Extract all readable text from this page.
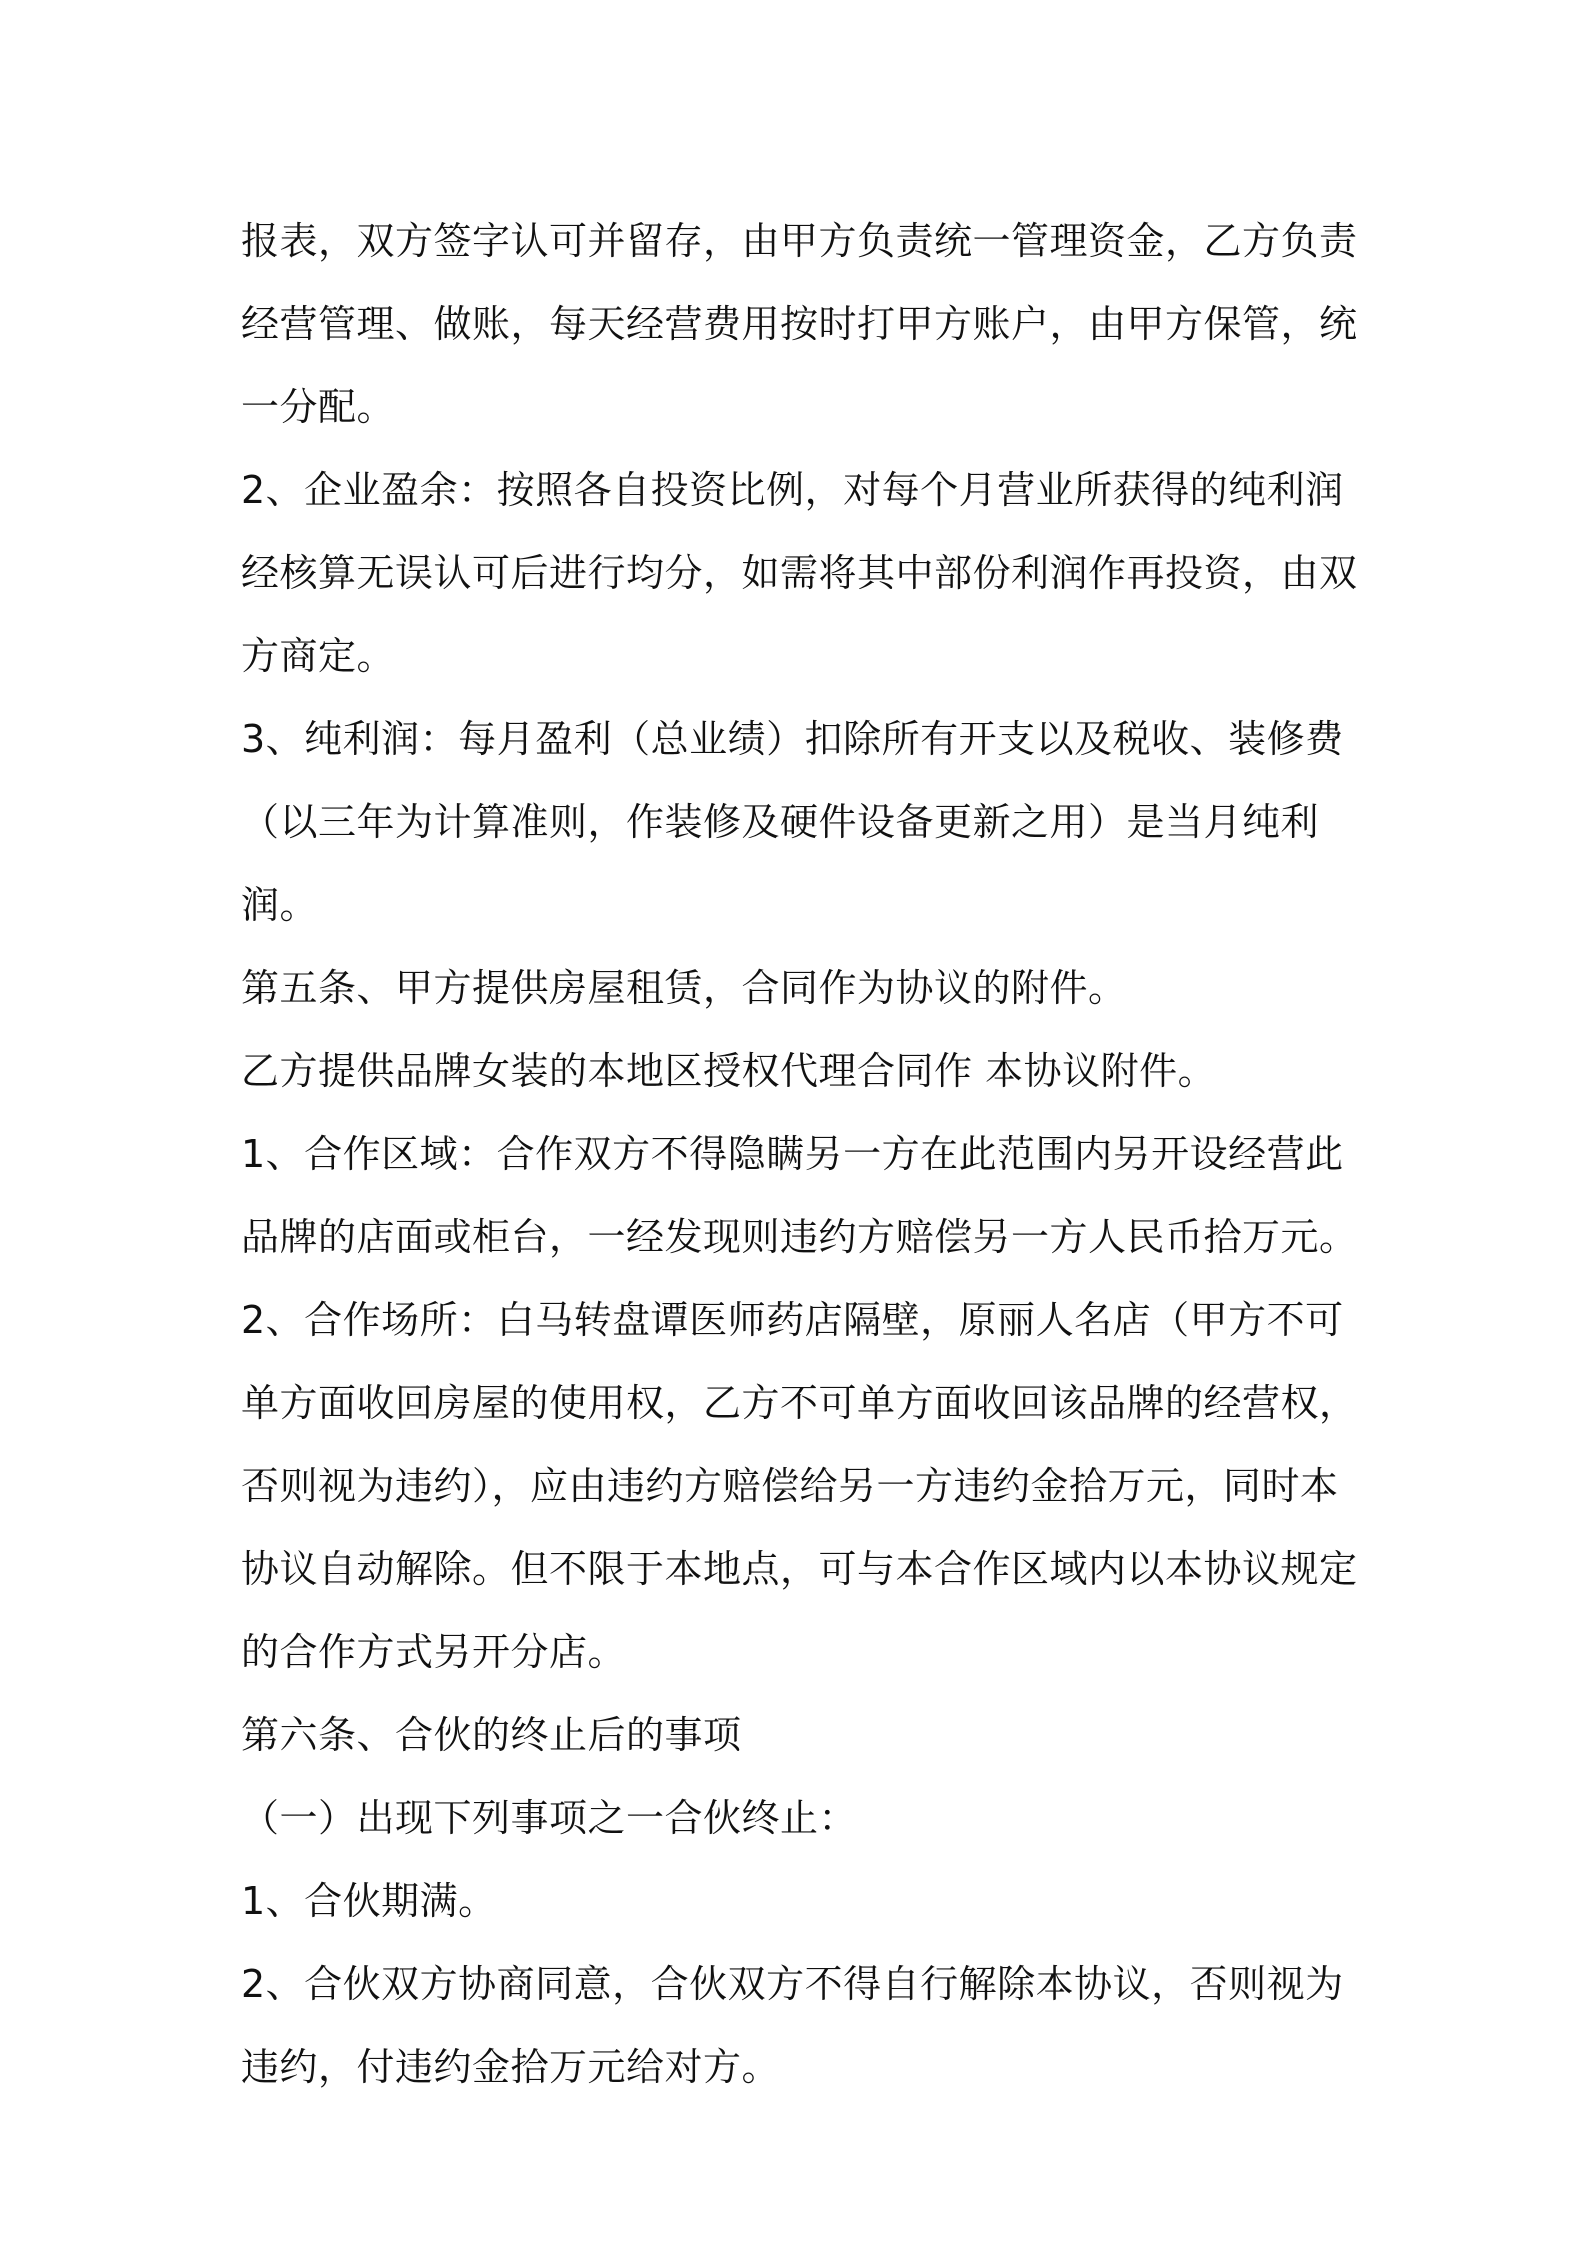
报表，双方签字认可并留存，由甲方负责统一管理资金，乙方负责经营管理、做账，每天经营费用按时打甲方账户，由甲方保管，统一分配。

2、企业盈余：按照各自投资比例，对每个月营业所获得的纯利润经核算无误认可后进行均分，如需将其中部份利润作再投资，由双方商定。

3、纯利润：每月盈利（总业绩）扣除所有开支以及税收、装修费（以三年为计算准则，作装修及硬件设备更新之用）是当月纯利润。

第五条、甲方提供房屋租赁，合同作为协议的附件。

乙方提供品牌女装的本地区授权代理合同作 本协议附件。

1、合作区域：合作双方不得隐瞒另一方在此范围内另开设经营此品牌的店面或柜台，一经发现则违约方赔偿另一方人民币拾万元。

2、合作场所：白马转盘谭医师药店隔壁，原丽人名店（甲方不可单方面收回房屋的使用权，乙方不可单方面收回该品牌的经营权，否则视为违约），应由违约方赔偿给另一方违约金拾万元，同时本协议自动解除。但不限于本地点，可与本合作区域内以本协议规定的合作方式另开分店。

第六条、合伙的终止后的事项

（一）出现下列事项之一合伙终止：

1、合伙期满。

2、合伙双方协商同意，合伙双方不得自行解除本协议，否则视为违约，付违约金拾万元给对方。
